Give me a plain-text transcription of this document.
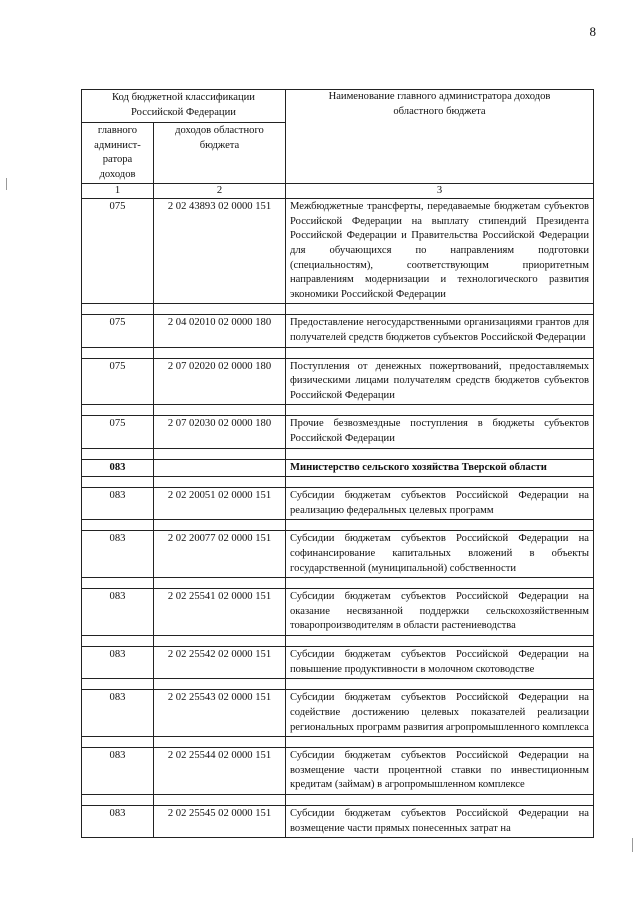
8
Код бюджетной классификации Российской Федерации		Наименование главного администратора доходов областного бюджета
главного админист-ратора доходов	доходов областного бюджета	
1	2	3
075	2 02 43893 02 0000 151	Межбюджетные трансферты, передаваемые бюджетам субъектов Российской Федерации на выплату стипендий Президента Российской Федерации и Правительства Российской Федерации для обучающихся по направлениям подготовки (специальностям), соответствующим приоритетным направлениям модернизации и технологического развития экономики Российской Федерации

075	2 04 02010 02 0000 180	Предоставление негосударственными организациями грантов для получателей средств бюджетов субъектов Российской Федерации

075	2 07 02020 02 0000 180	Поступления от денежных пожертвований, предоставляемых физическими лицами получателям средств бюджетов субъектов Российской Федерации

075	2 07 02030 02 0000 180	Прочие безвозмездные поступления в бюджеты субъектов Российской Федерации

083		Министерство сельского хозяйства Тверской области

083	2 02 20051 02 0000 151	Субсидии бюджетам субъектов Российской Федерации на реализацию федеральных целевых программ

083	2 02 20077 02 0000 151	Субсидии бюджетам субъектов Российской Федерации на софинансирование капитальных вложений в объекты государственной (муниципальной) собственности

083	2 02 25541 02 0000 151	Субсидии бюджетам субъектов Российской Федерации на оказание несвязанной поддержки сельскохозяйственным товаропроизводителям в области растениеводства

083	2 02 25542 02 0000 151	Субсидии бюджетам субъектов Российской Федерации на повышение продуктивности в молочном скотоводстве

083	2 02 25543 02 0000 151	Субсидии бюджетам субъектов Российской Федерации на содействие достижению целевых показателей реализации региональных программ развития агропромышленного комплекса

083	2 02 25544 02 0000 151	Субсидии бюджетам субъектов Российской Федерации на возмещение части процентной ставки по инвестиционным кредитам (займам) в агропромышленном комплексе

083	2 02 25545 02 0000 151	Субсидии бюджетам субъектов Российской Федерации на возмещение части прямых понесенных затрат на
